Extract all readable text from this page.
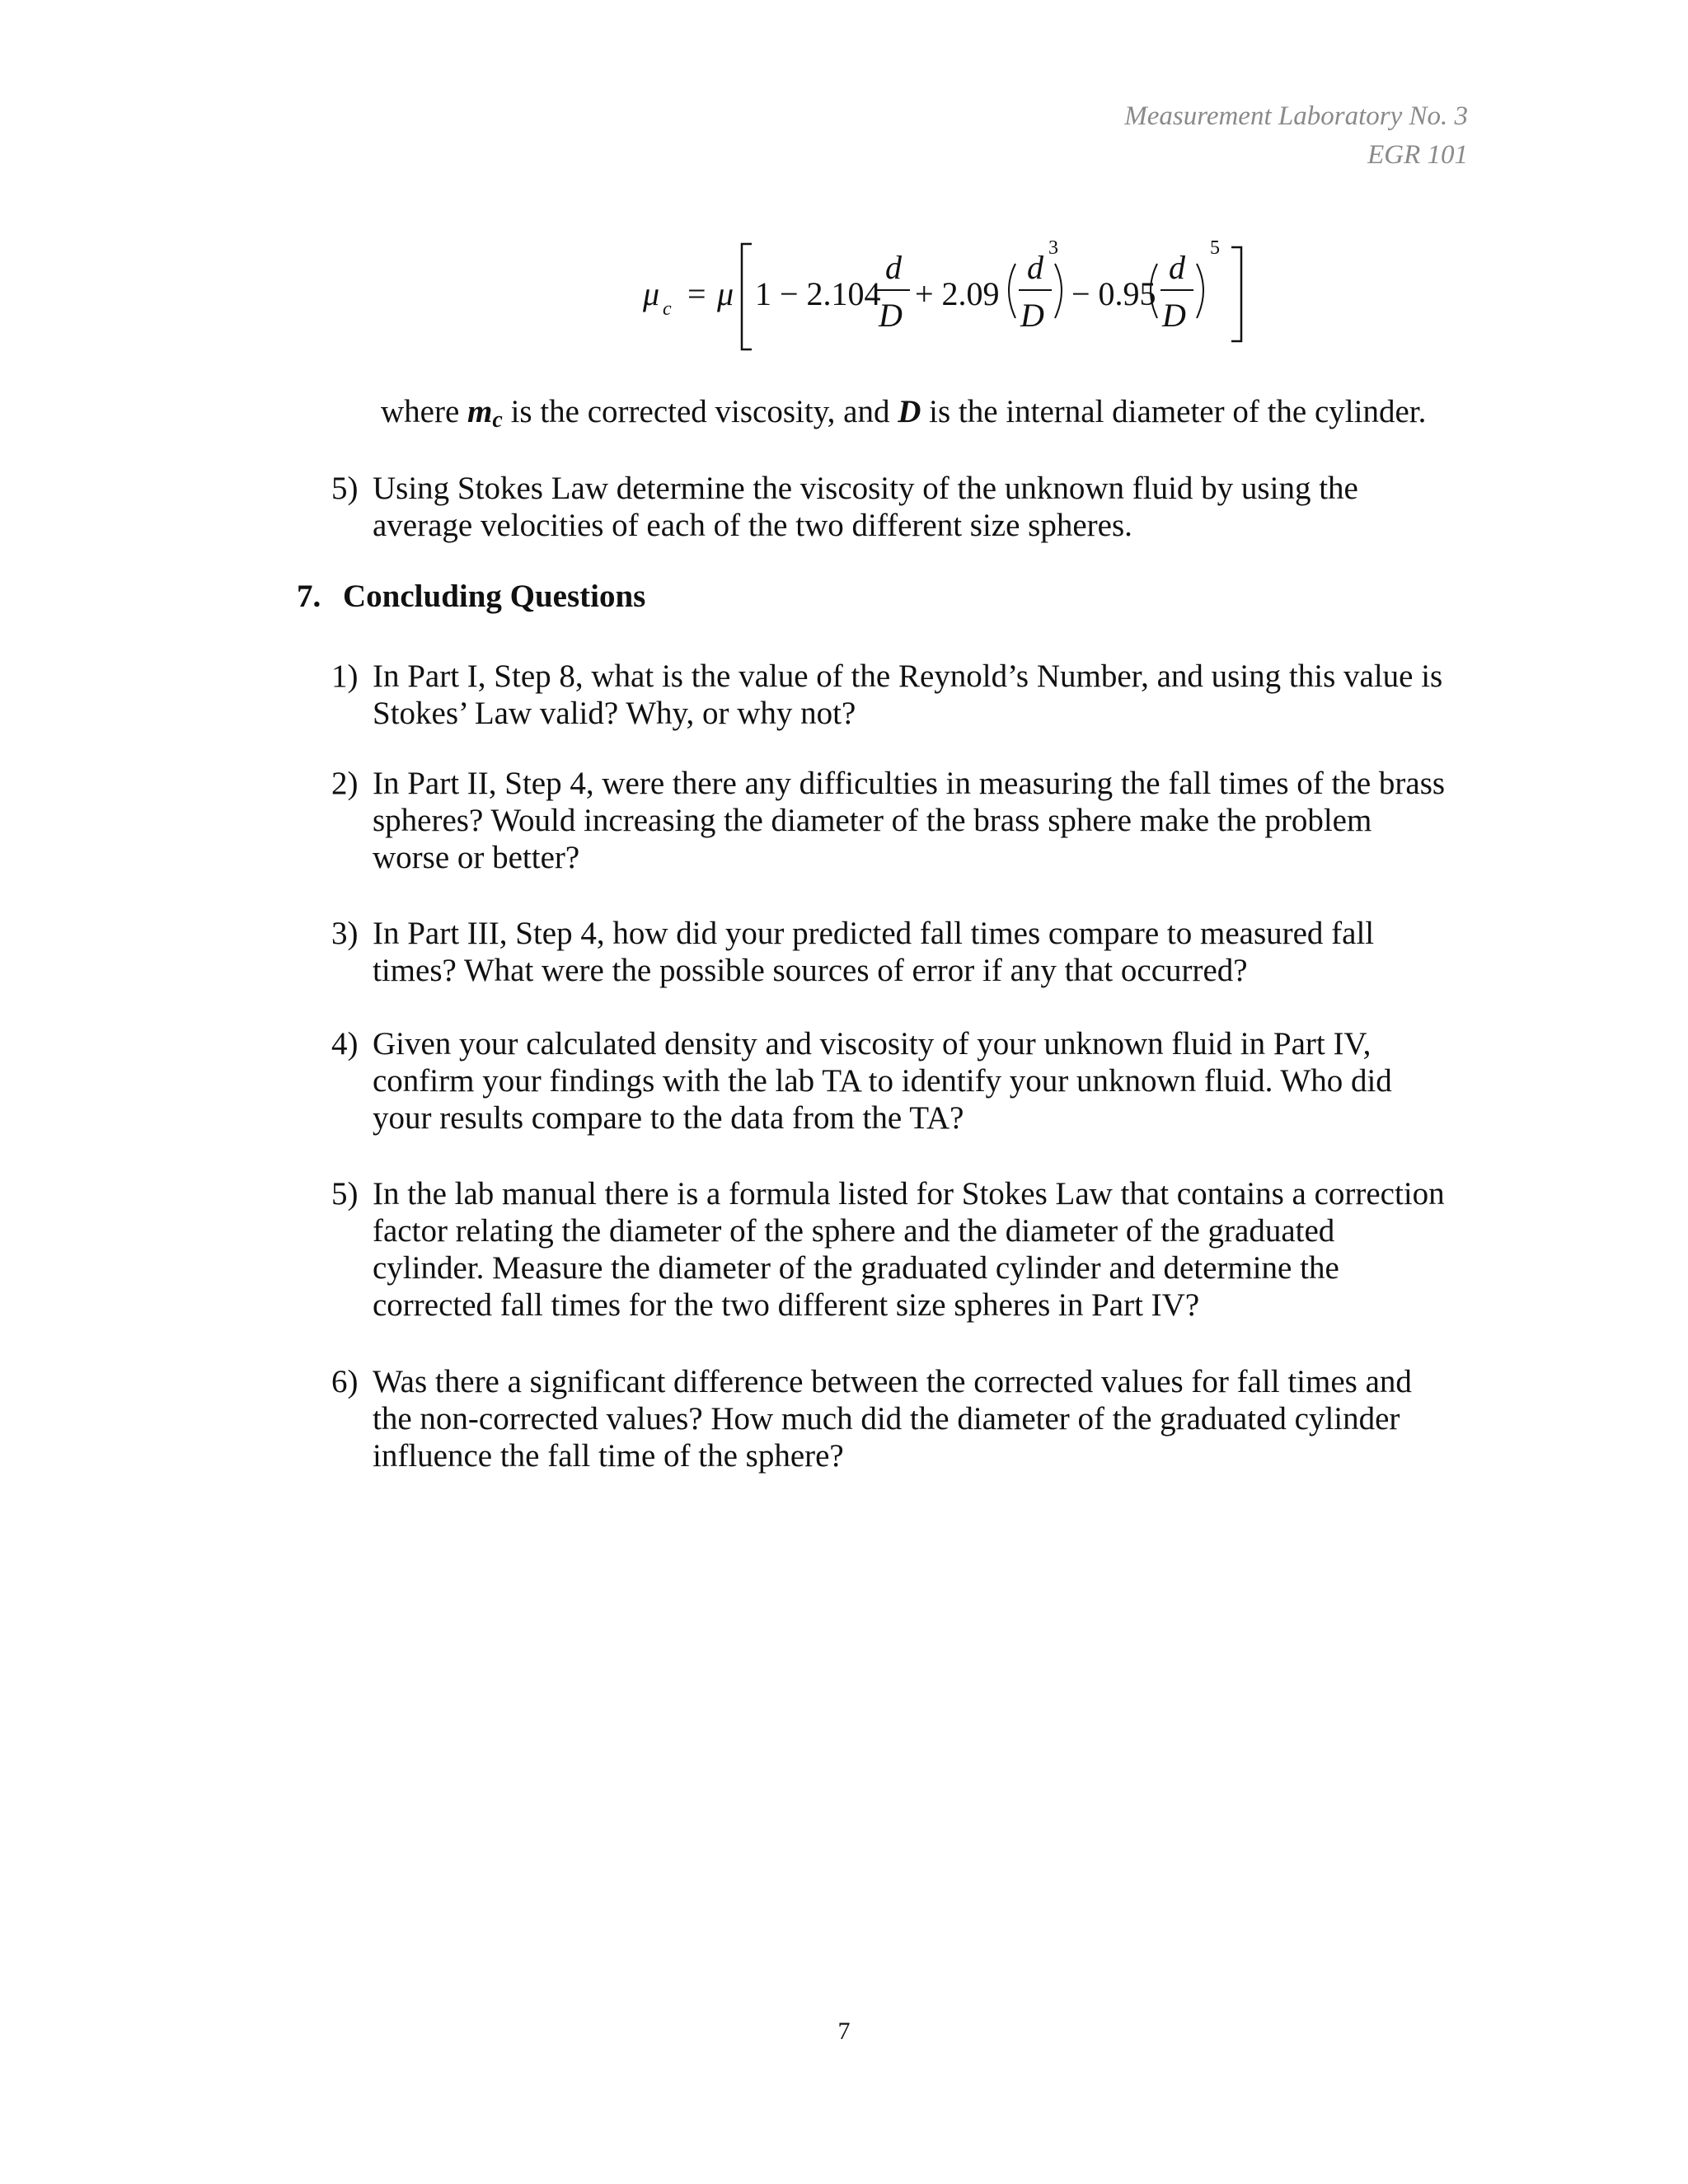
Measurement Laboratory No. 3
EGR 101
μ c = μ 1 − 2.104
d
D
+ 2.09
d
D
3
− 0.95
d
D
5
where $m_c$ is the corrected viscosity, and D is the internal diameter of the cylinder.
5) Using Stokes Law determine the viscosity of the unknown fluid by using the
average velocities of each of the two different size spheres.
7. Concluding Questions
1) In Part I, Step 8, what is the value of the Reynold’s Number, and using this value is
Stokes’ Law valid? Why, or why not?
2) In Part II, Step 4, were there any difficulties in measuring the fall times of the brass
spheres? Would increasing the diameter of the brass sphere make the problem
worse or better?
3) In Part III, Step 4, how did your predicted fall times compare to measured fall
times? What were the possible sources of error if any that occurred?
4) Given your calculated density and viscosity of your unknown fluid in Part IV,
confirm your findings with the lab TA to identify your unknown fluid. Who did
your results compare to the data from the TA?
5) In the lab manual there is a formula listed for Stokes Law that contains a correction
factor relating the diameter of the sphere and the diameter of the graduated
cylinder. Measure the diameter of the graduated cylinder and determine the
corrected fall times for the two different size spheres in Part IV?
6) Was there a significant difference between the corrected values for fall times and
the non-corrected values? How much did the diameter of the graduated cylinder
influence the fall time of the sphere?
7
